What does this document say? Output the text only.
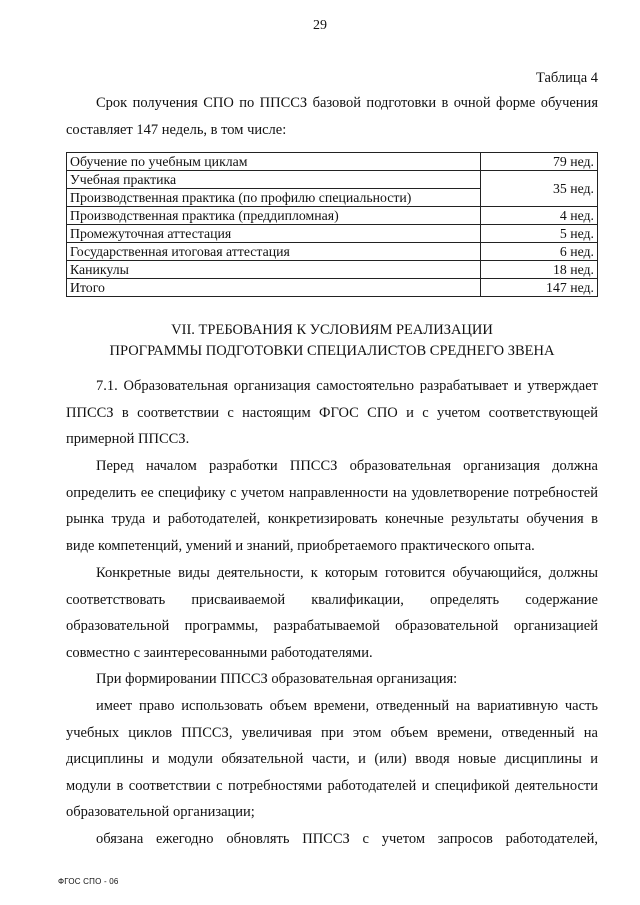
29
Таблица 4

Срок получения СПО по ППССЗ базовой подготовки в очной форме обучения составляет 147 недель, в том числе:

Обучение по учебным циклам	79 нед.
Учебная практика	35 нед.
Производственная практика (по профилю специальности)	
Производственная практика (преддипломная)	4 нед.
Промежуточная аттестация	5 нед.
Государственная итоговая аттестация	6 нед.
Каникулы	18 нед.
Итого	147 нед.
VII. ТРЕБОВАНИЯ К УСЛОВИЯМ РЕАЛИЗАЦИИ
ПРОГРАММЫ ПОДГОТОВКИ СПЕЦИАЛИСТОВ СРЕДНЕГО ЗВЕНА

7.1. Образовательная организация самостоятельно разрабатывает и утверждает ППССЗ в соответствии с настоящим ФГОС СПО и с учетом соответствующей примерной ППССЗ.

Перед началом разработки ППССЗ образовательная организация должна определить ее специфику с учетом направленности на удовлетворение потребностей рынка труда и работодателей, конкретизировать конечные результаты обучения в виде компетенций, умений и знаний, приобретаемого практического опыта.

Конкретные виды деятельности, к которым готовится обучающийся, должны соответствовать присваиваемой квалификации, определять содержание образовательной программы, разрабатываемой образовательной организацией совместно с заинтересованными работодателями.

При формировании ППССЗ образовательная организация:

имеет право использовать объем времени, отведенный на вариативную часть учебных циклов ППССЗ, увеличивая при этом объем времени, отведенный на дисциплины и модули обязательной части, и (или) вводя новые дисциплины и модули в соответствии с потребностями работодателей и спецификой деятельности образовательной организации;

обязана ежегодно обновлять ППССЗ с учетом запросов работодателей,

ФГОС СПО - 06
